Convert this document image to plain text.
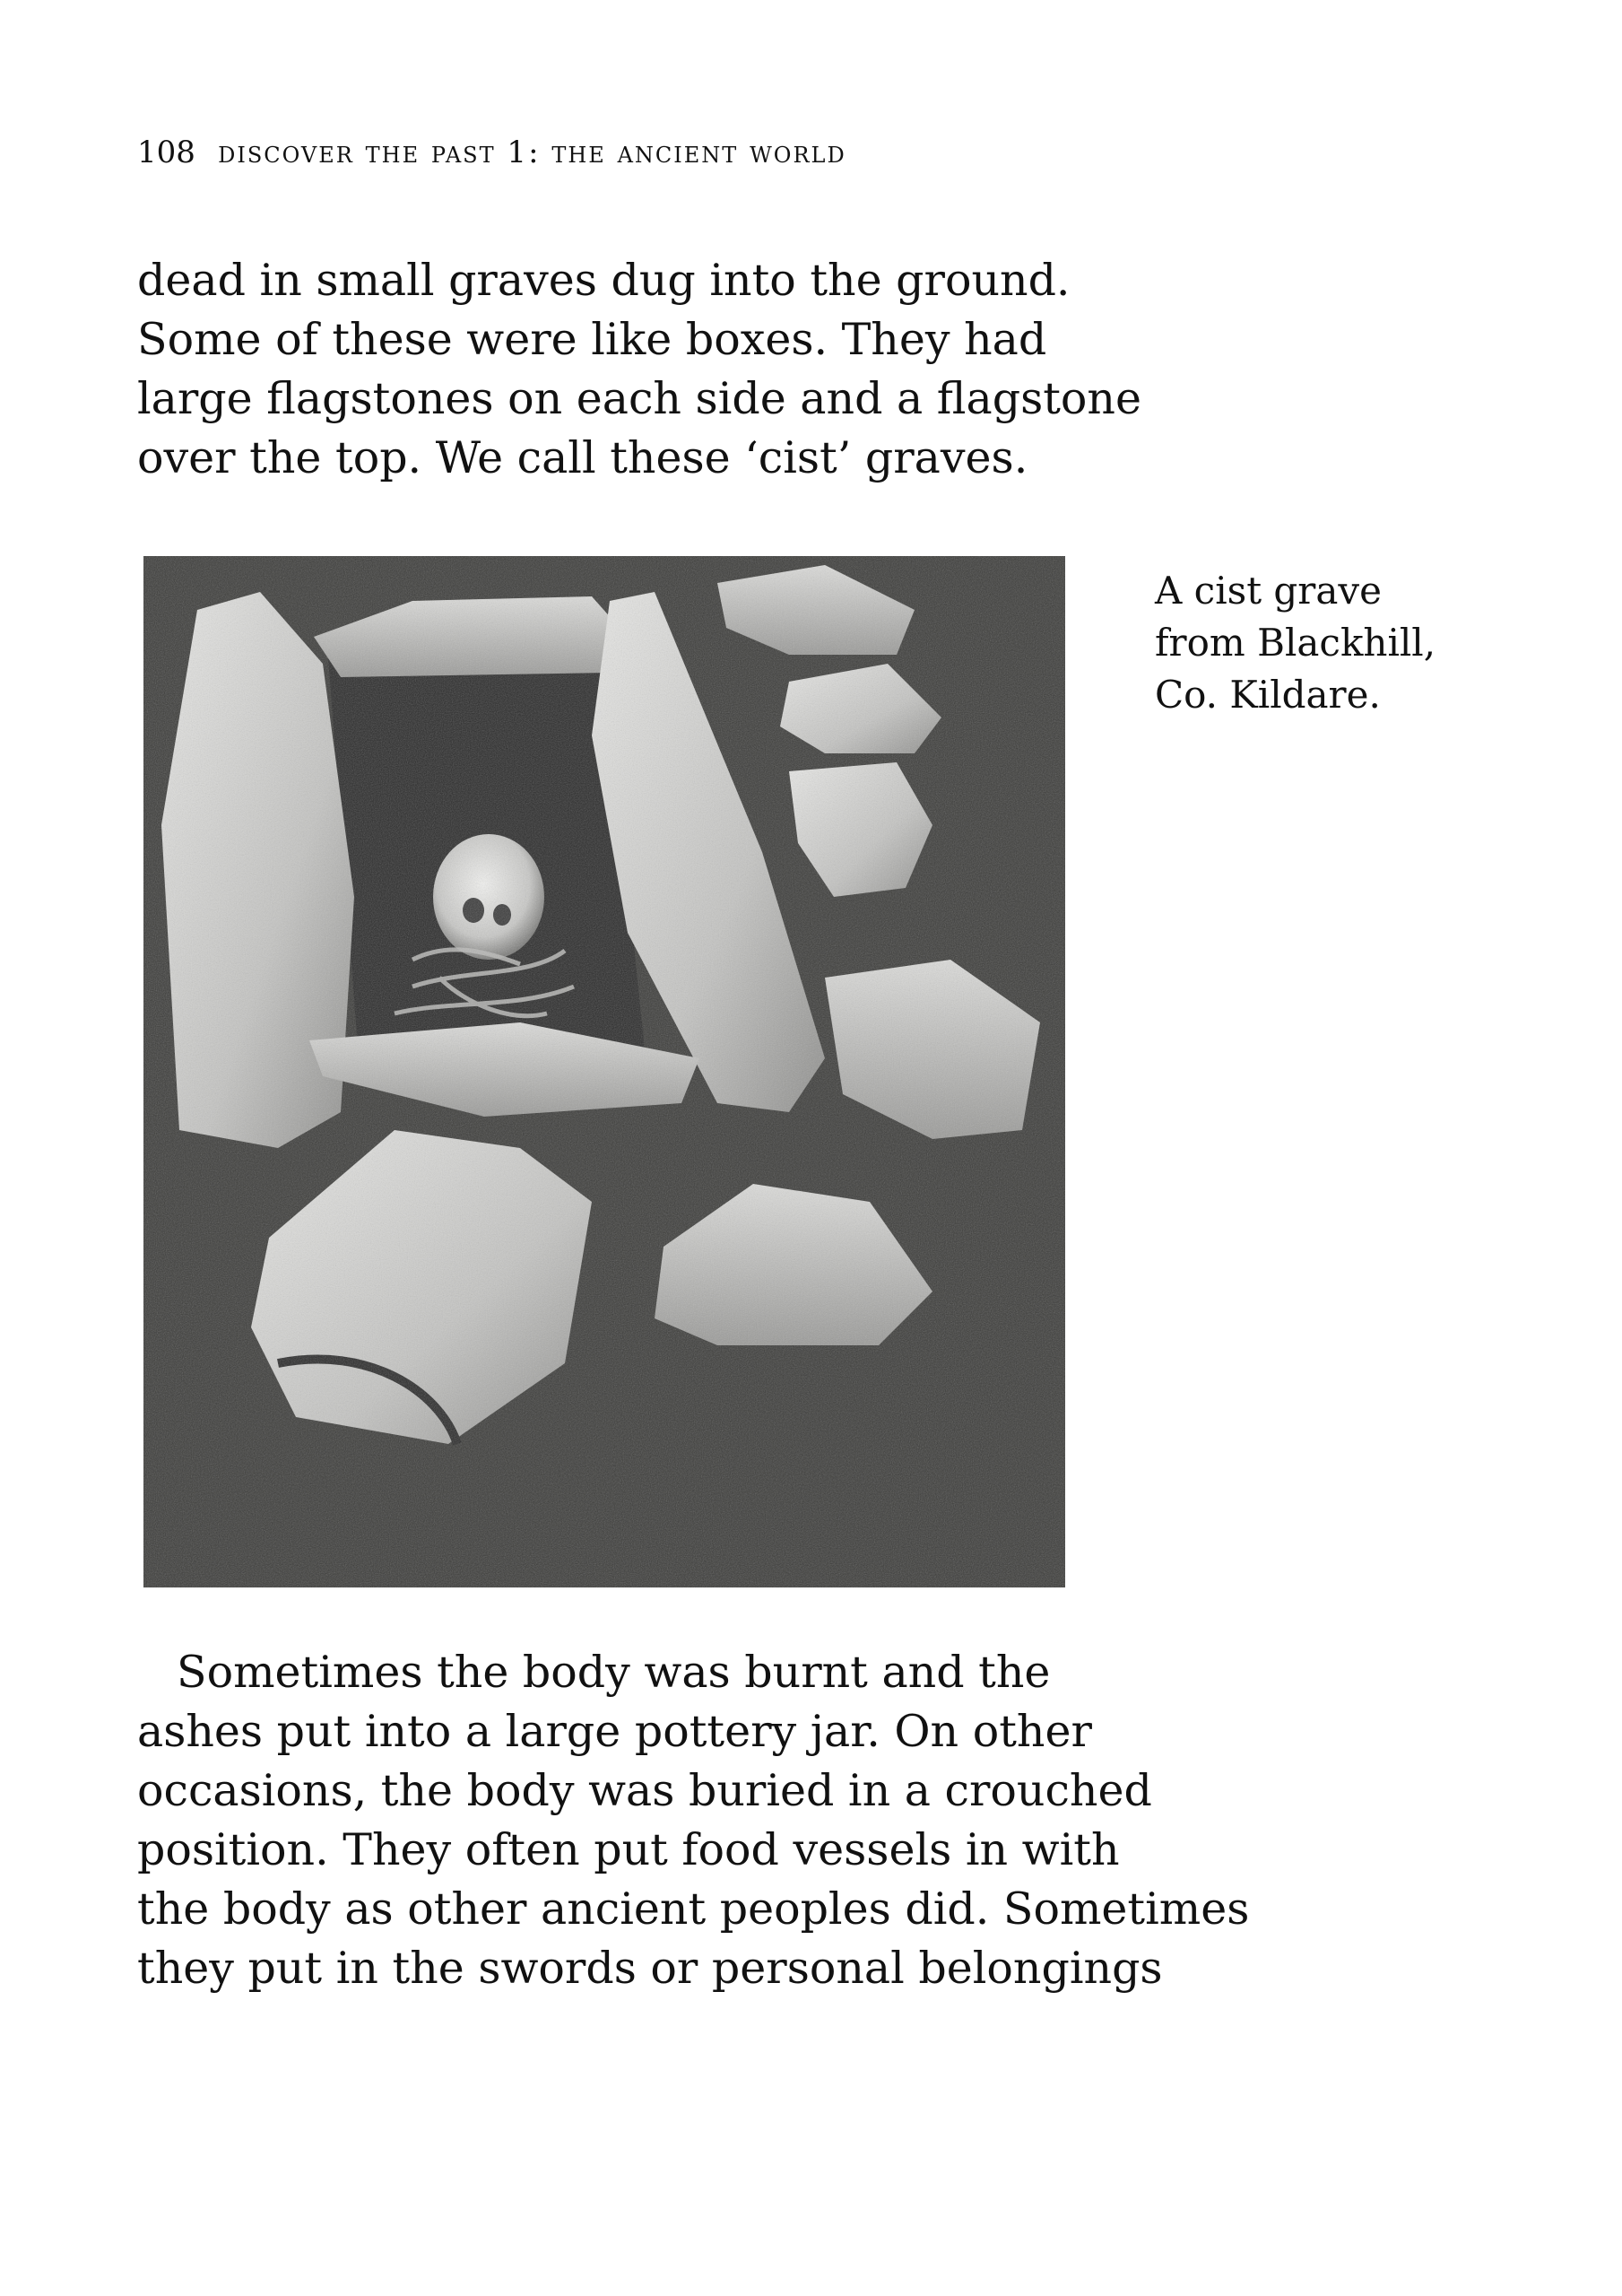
108 discover the past 1: the ancient world
dead in small graves dug into the ground.
Some of these were like boxes. They had
large flagstones on each side and a flagstone
over the top. We call these ‘cist’ graves.
A cist grave
from Blackhill,
Co. Kildare.
Sometimes the body was burnt and the
ashes put into a large pottery jar. On other
occasions, the body was buried in a crouched
position. They often put food vessels in with
the body as other ancient peoples did. Sometimes
they put in the swords or personal belongings
